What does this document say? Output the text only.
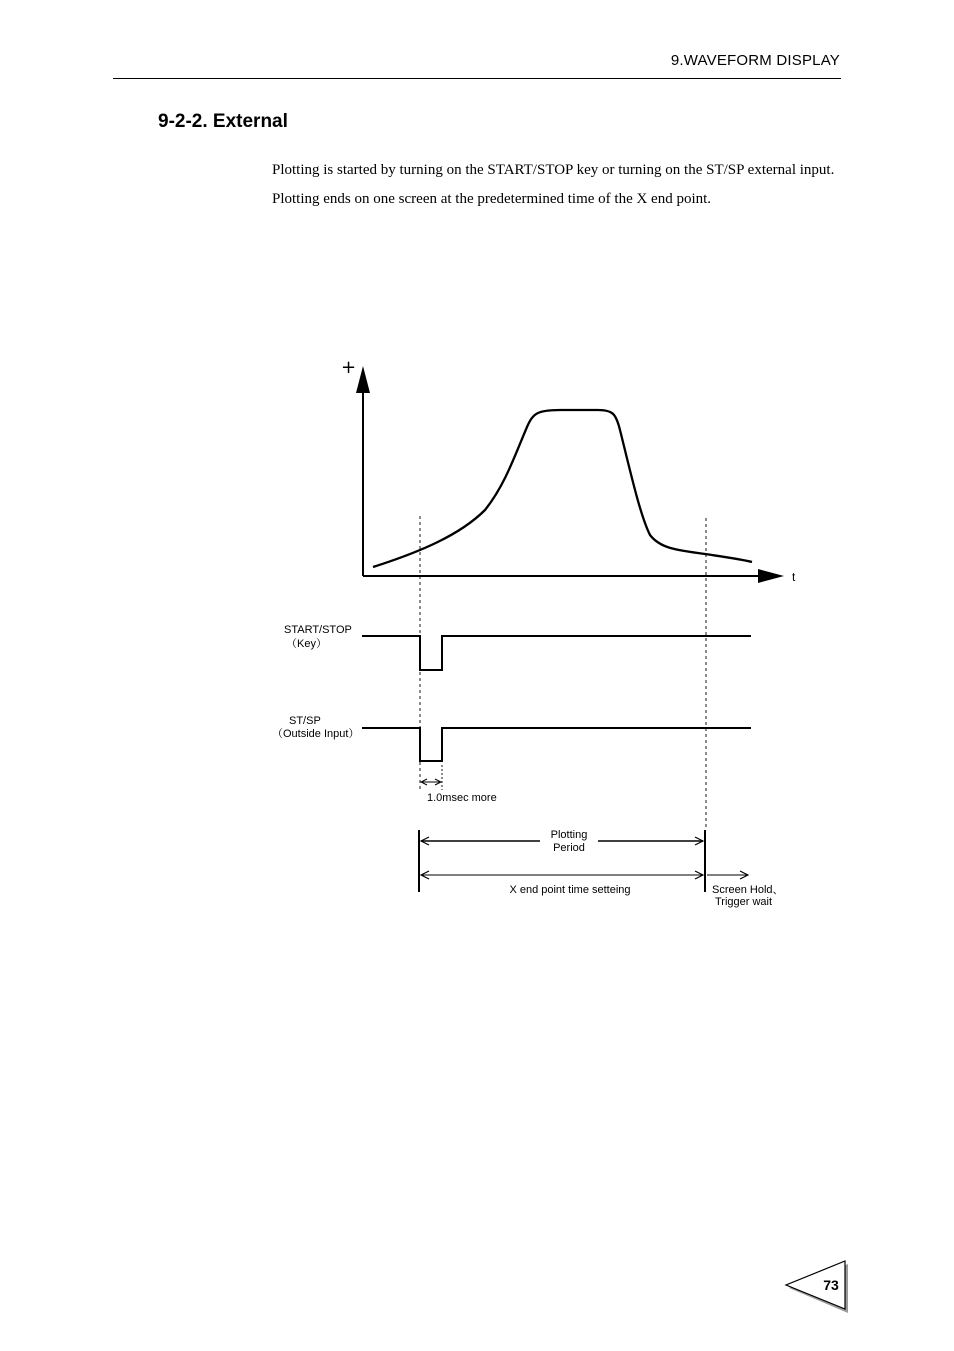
9.WAVEFORM DISPLAY
9-2-2. External

Plotting is started by turning on the START/STOP key or turning on the ST/SP external input.

Plotting ends on one screen at the predetermined time of the X end point.

+
t
START/STOP
（Key）
ST/SP
（Outside Input）
1.0msec more
Plotting
Period
X end point time setteing	Screen Hold、
Trigger wait
73
